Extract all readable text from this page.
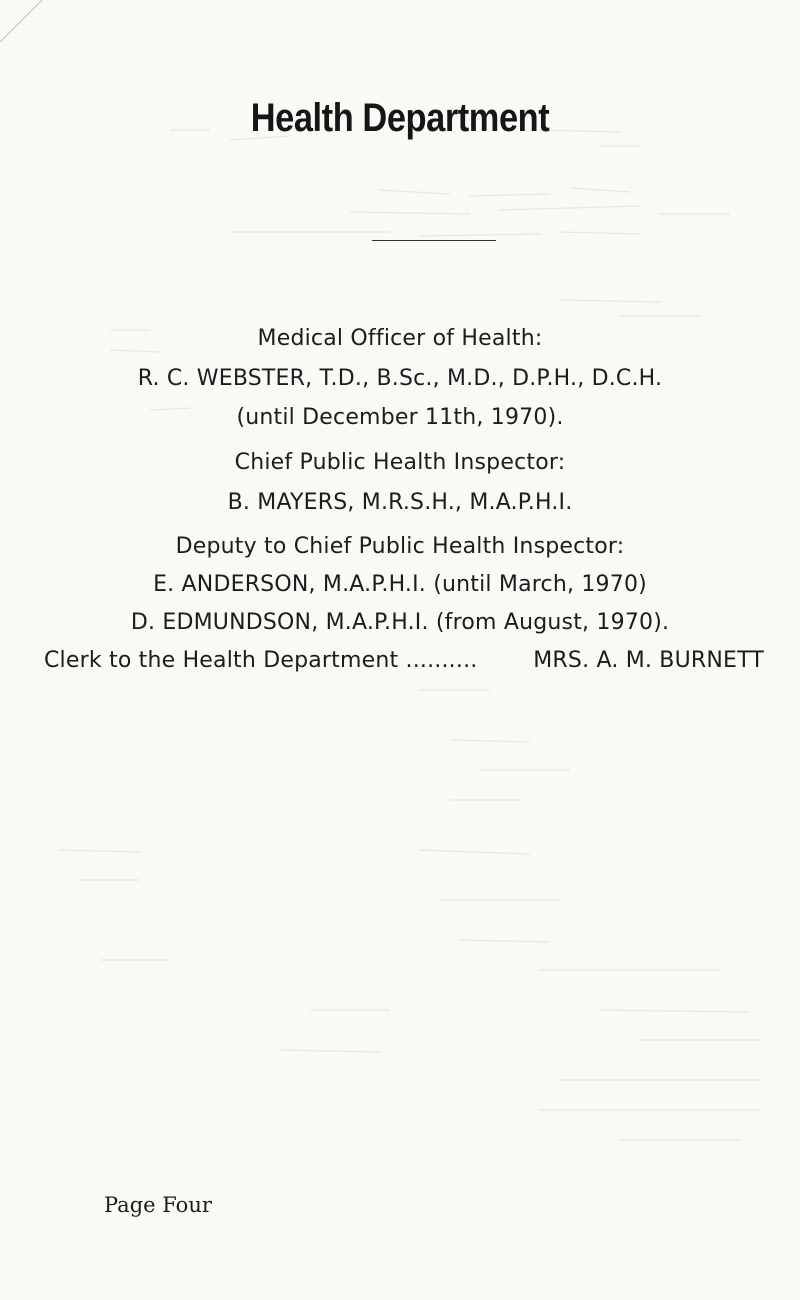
Health Department
Medical Officer of Health:
R. C. WEBSTER, T.D., B.Sc., M.D., D.P.H., D.C.H.
(until December 11th, 1970).
Chief Public Health Inspector:
B. MAYERS, M.R.S.H., M.A.P.H.I.
Deputy to Chief Public Health Inspector:
E. ANDERSON, M.A.P.H.I. (until March, 1970)
D. EDMUNDSON, M.A.P.H.I. (from August, 1970).
Clerk to the Health Department ..........	MRS. A. M. BURNETT
Page Four
